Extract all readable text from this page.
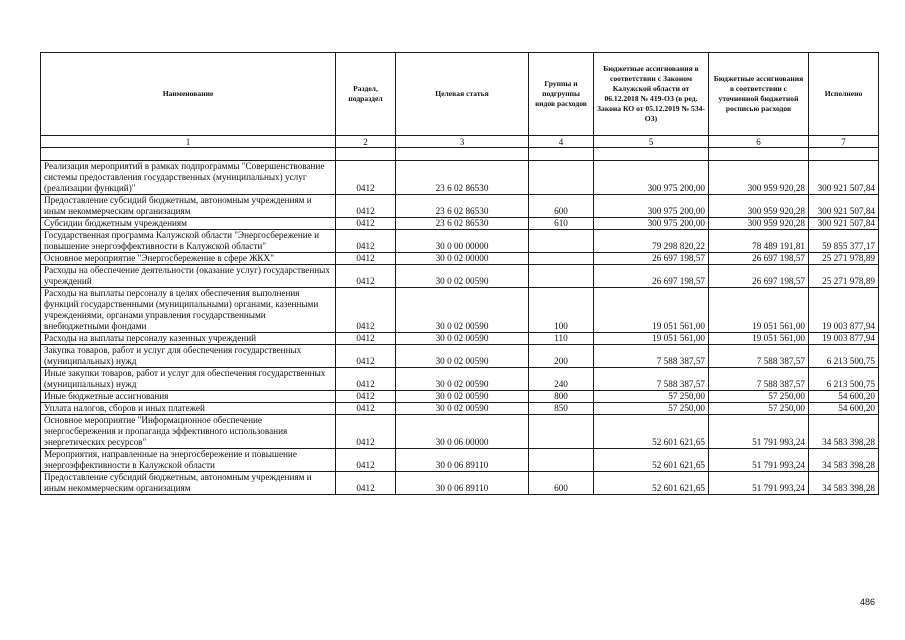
Наименование	Раздел, подраздел	Целевая статья	Группы и подгруппы видов расходов	Бюджетные ассигнования в соответствии с Законом Калужской области от 06.12.2018 № 419-ОЗ (в ред. Закона КО от 05.12.2019 № 534-ОЗ)	Бюджетные ассигнования в соответствии с уточненной бюджетной росписью расходов	Исполнено
1	2	3	4	5	6	7

Реализация мероприятий в рамках подпрограммы "Совершенствование системы предоставления государственных (муниципальных) услуг (реализации функций)"	0412	23 6 02 86530		300 975 200,00	300 959 920,28	300 921 507,84
Предоставление субсидий бюджетным, автономным учреждениям и иным некоммерческим организациям	0412	23 6 02 86530	600	300 975 200,00	300 959 920,28	300 921 507,84
Субсидии бюджетным учреждениям	0412	23 6 02 86530	610	300 975 200,00	300 959 920,28	300 921 507,84
Государственная программа Калужской области "Энергосбережение и повышение энергоэффективности в Калужской области"	0412	30 0 00 00000		79 298 820,22	78 489 191,81	59 855 377,17
Основное мероприятие "Энергосбережение в сфере ЖКХ"	0412	30 0 02 00000		26 697 198,57	26 697 198,57	25 271 978,89
Расходы на обеспечение деятельности (оказание услуг) государственных учреждений	0412	30 0 02 00590		26 697 198,57	26 697 198,57	25 271 978,89
Расходы на выплаты персоналу в целях обеспечения выполнения функций государственными (муниципальными) органами, казенными учреждениями, органами управления государственными внебюджетными фондами	0412	30 0 02 00590	100	19 051 561,00	19 051 561,00	19 003 877,94
Расходы на выплаты персоналу казенных учреждений	0412	30 0 02 00590	110	19 051 561,00	19 051 561,00	19 003 877,94
Закупка товаров, работ и услуг для обеспечения государственных (муниципальных) нужд	0412	30 0 02 00590	200	7 588 387,57	7 588 387,57	6 213 500,75
Иные закупки товаров, работ и услуг для обеспечения государственных (муниципальных) нужд	0412	30 0 02 00590	240	7 588 387,57	7 588 387,57	6 213 500,75
Иные бюджетные ассигнования	0412	30 0 02 00590	800	57 250,00	57 250,00	54 600,20
Уплата налогов, сборов и иных платежей	0412	30 0 02 00590	850	57 250,00	57 250,00	54 600,20
Основное мероприятие "Информационное обеспечение энергосбережения и пропаганда эффективного использования энергетических ресурсов"	0412	30 0 06 00000		52 601 621,65	51 791 993,24	34 583 398,28
Мероприятия, направленные на энергосбережение и повышение энергоэффективности в Калужской области	0412	30 0 06 89110		52 601 621,65	51 791 993,24	34 583 398,28
Предоставление субсидий бюджетным, автономным учреждениям и иным некоммерческим организациям	0412	30 0 06 89110	600	52 601 621,65	51 791 993,24	34 583 398,28
486
